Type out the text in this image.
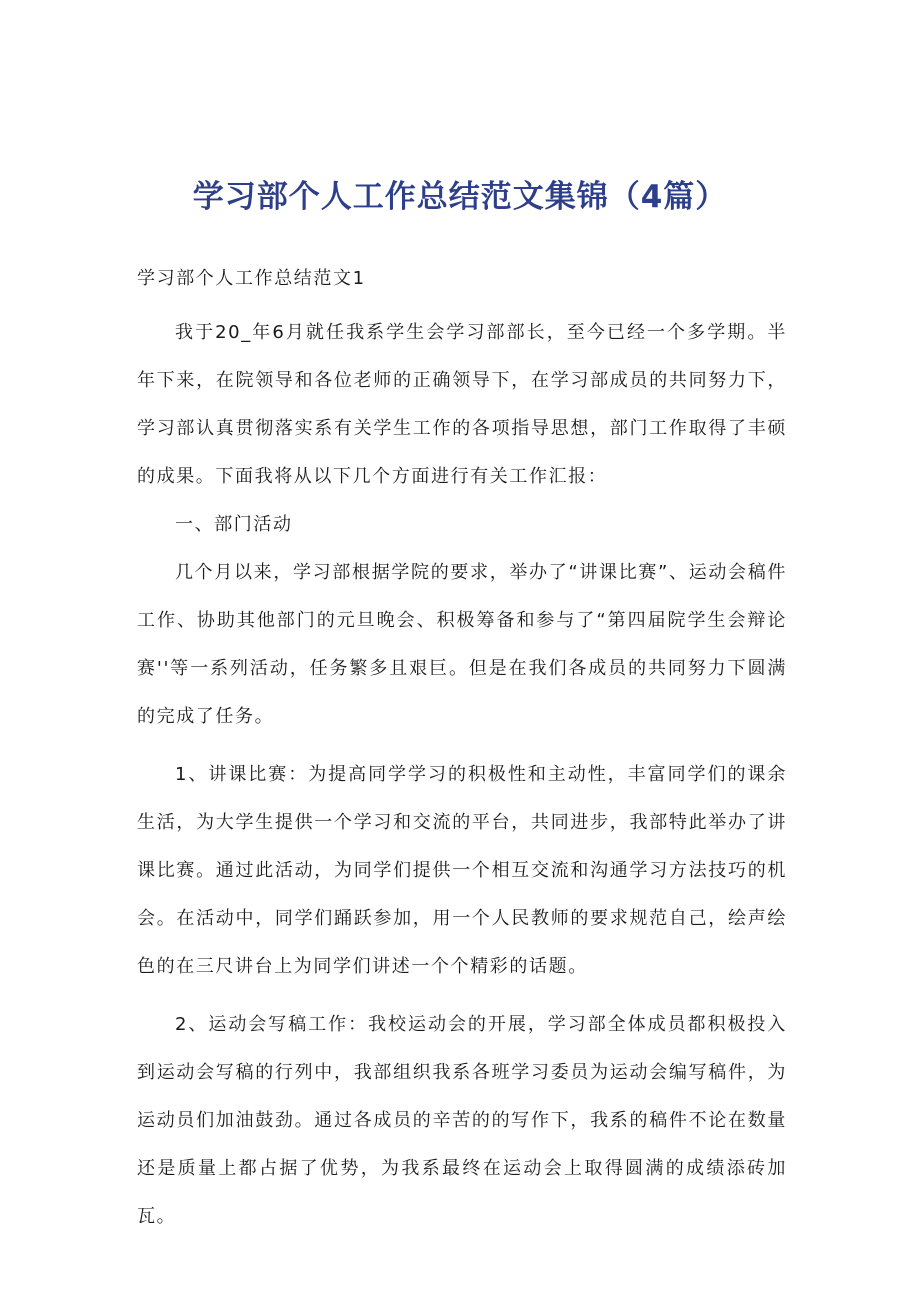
学习部个人工作总结范文集锦（4篇）

学习部个人工作总结范文1

我于20_年6月就任我系学生会学习部部长，至今已经一个多学期。半年下来，在院领导和各位老师的正确领导下，在学习部成员的共同努力下，学习部认真贯彻落实系有关学生工作的各项指导思想，部门工作取得了丰硕的成果。下面我将从以下几个方面进行有关工作汇报：

一、部门活动

几个月以来，学习部根据学院的要求，举办了“讲课比赛”、运动会稿件工作、协助其他部门的元旦晚会、积极筹备和参与了“第四届院学生会辩论赛''等一系列活动，任务繁多且艰巨。但是在我们各成员的共同努力下圆满的完成了任务。

1、讲课比赛：为提高同学学习的积极性和主动性，丰富同学们的课余生活，为大学生提供一个学习和交流的平台，共同进步，我部特此举办了讲课比赛。通过此活动，为同学们提供一个相互交流和沟通学习方法技巧的机会。在活动中，同学们踊跃参加，用一个人民教师的要求规范自己，绘声绘色的在三尺讲台上为同学们讲述一个个精彩的话题。

2、运动会写稿工作：我校运动会的开展，学习部全体成员都积极投入到运动会写稿的行列中，我部组织我系各班学习委员为运动会编写稿件，为运动员们加油鼓劲。通过各成员的辛苦的的写作下，我系的稿件不论在数量还是质量上都占据了优势，为我系最终在运动会上取得圆满的成绩添砖加瓦。
